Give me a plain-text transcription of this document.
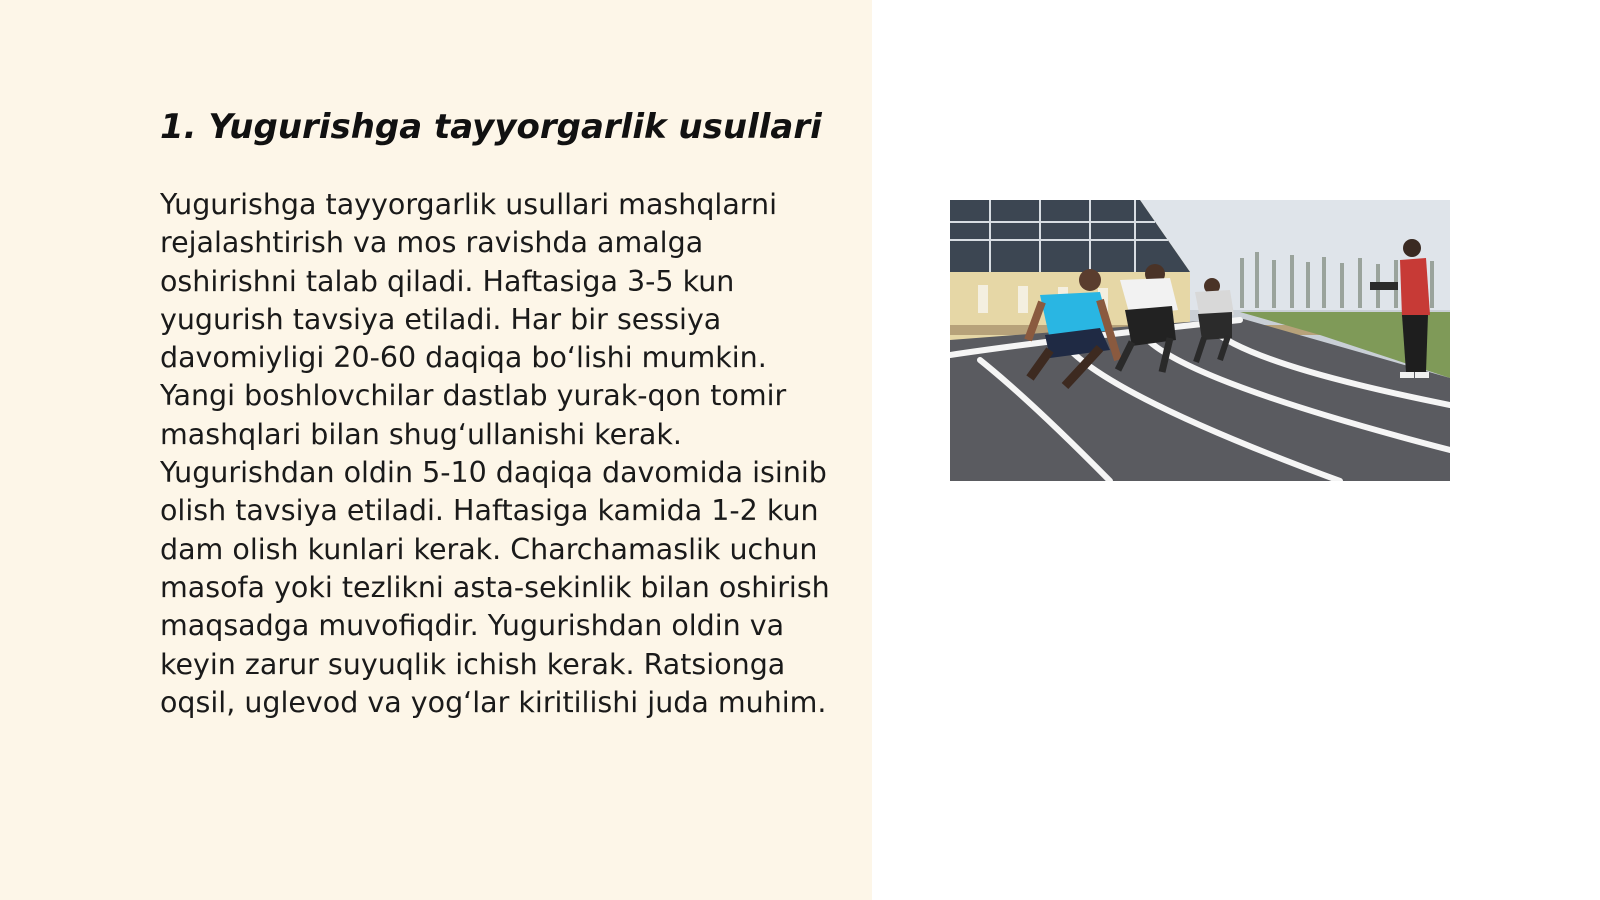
1. Yugurishga tayyorgarlik usullari

Yugurishga tayyorgarlik usullari mashqlarni rejalashtirish va mos ravishda amalga oshirishni talab qiladi. Haftasiga 3-5 kun yugurish tavsiya etiladi. Har bir sessiya davomiyligi 20-60 daqiqa boʻlishi mumkin. Yangi boshlovchilar dastlab yurak-qon tomir mashqlari bilan shugʻullanishi kerak. Yugurishdan oldin 5-10 daqiqa davomida isinib olish tavsiya etiladi. Haftasiga kamida 1-2 kun dam olish kunlari kerak. Charchamaslik uchun masofa yoki tezlikni asta-sekinlik bilan oshirish maqsadga muvofiqdir. Yugurishdan oldin va keyin zarur suyuqlik ichish kerak. Ratsionga oqsil, uglevod va yogʻlar kiritilishi juda muhim.
